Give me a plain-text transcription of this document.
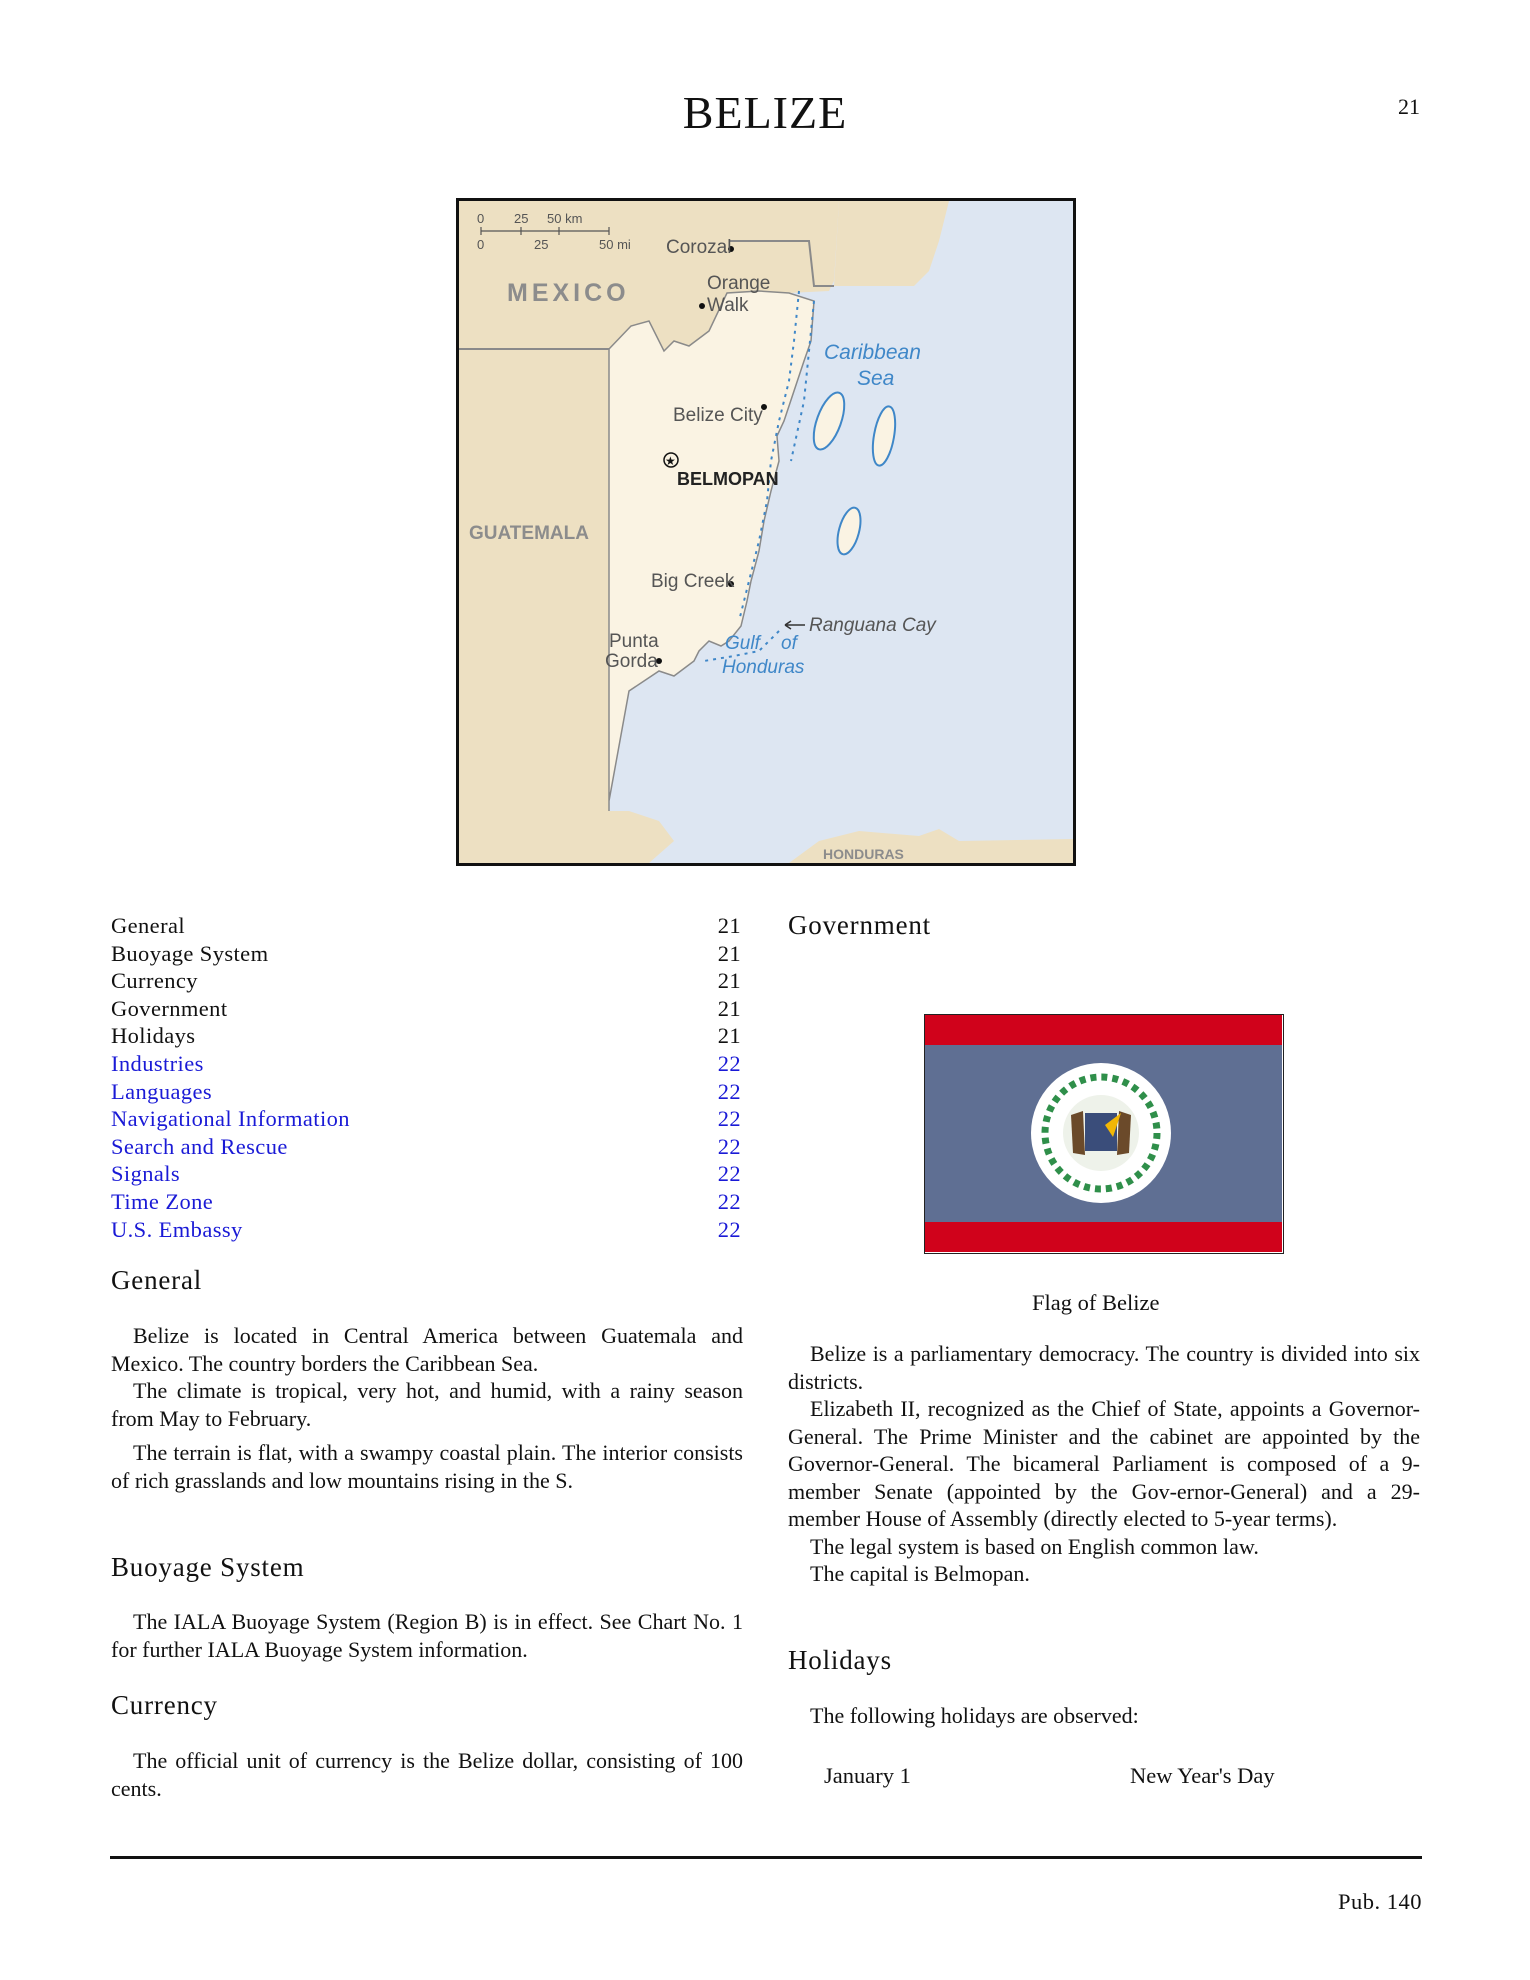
BELIZE	21
0 25 50 km
0	25	50 mi
★
Corozal
Orange
Walk
Belize City
Big Creek
Punta
Gorda
Ranguana Cay
BELMOPAN
MEXICO
GUATEMALA
HONDURAS
Caribbean
Sea
Gulf of
Honduras
General	21
Buoyage System	21
Currency	21
Government	21
Holidays	21
Industries	22
Languages	22
Navigational Information	22
Search and Rescue	22
Signals	22
Time Zone	22
U.S. Embassy	22
General

Belize is located in Central America between Guatemala and Mexico. The country borders the Caribbean Sea.

The climate is tropical, very hot, and humid, with a rainy season from May to February.

The terrain is flat, with a swampy coastal plain. The interior consists of rich grasslands and low mountains rising in the S.

Buoyage System

The IALA Buoyage System (Region B) is in effect. See Chart No. 1 for further IALA Buoyage System information.

Currency

The official unit of currency is the Belize dollar, consisting of 100 cents.

Government
Flag of Belize

Belize is a parliamentary democracy. The country is divided into six districts.

Elizabeth II, recognized as the Chief of State, appoints a Governor-General. The Prime Minister and the cabinet are appointed by the Governor-General. The bicameral Parliament is composed of a 9-member Senate (appointed by the Gov-ernor-General) and a 29-member House of Assembly (directly elected to 5-year terms).

The legal system is based on English common law.

The capital is Belmopan.

Holidays

The following holidays are observed:

January 1	New Year's Day
Pub. 140
